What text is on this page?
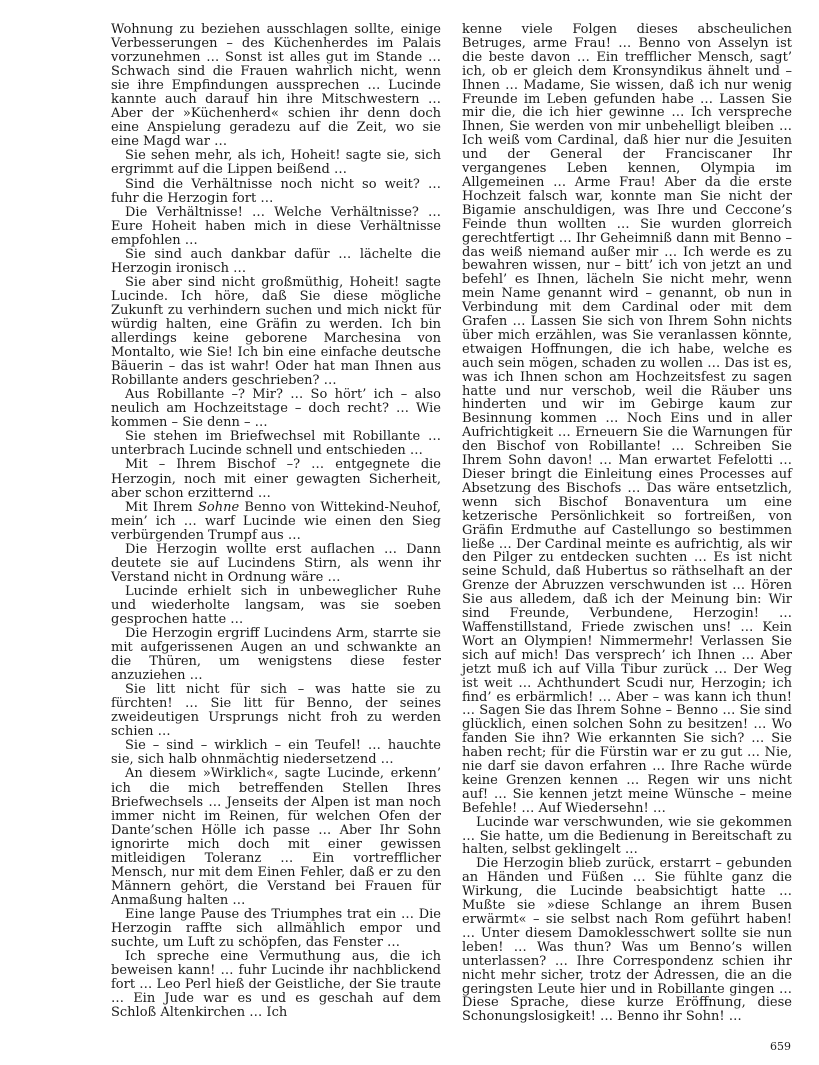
Wohnung zu beziehen ausschlagen sollte, einige Verbesserungen – des Küchenherdes im Palais vorzunehmen … Sonst ist alles gut im Stande … Schwach sind die Frauen wahrlich nicht, wenn sie ihre Empfindungen aussprechen … Lucinde kannte auch darauf hin ihre Mitschwestern … Aber der »Küchenherd« schien ihr denn doch eine Anspielung geradezu auf die Zeit, wo sie eine Magd war …

Sie sehen mehr, als ich, Hoheit! sagte sie, sich ergrimmt auf die Lippen beißend …

Sind die Verhältnisse noch nicht so weit? … fuhr die Herzogin fort …

Die Verhältnisse! … Welche Verhältnisse? … Eure Hoheit haben mich in diese Verhältnisse empfohlen …

Sie sind auch dankbar dafür … lächelte die Herzogin ironisch …

Sie aber sind nicht großmüthig, Hoheit! sagte Lucinde. Ich höre, daß Sie diese mögliche Zukunft zu verhindern suchen und mich nickt für würdig halten, eine Gräfin zu werden. Ich bin allerdings keine geborene Marchesina von Montalto, wie Sie! Ich bin eine einfache deutsche Bäuerin – das ist wahr! Oder hat man Ihnen aus Robillante anders geschrieben? …

Aus Robillante –? Mir? … So hört’ ich – also neulich am Hochzeitstage – doch recht? … Wie kommen – Sie denn – …

Sie stehen im Briefwechsel mit Robillante … unterbrach Lucinde schnell und entschieden …

Mit – Ihrem Bischof –? … entgegnete die Herzogin, noch mit einer gewagten Sicherheit, aber schon erzitternd …

Mit Ihrem Sohne Benno von Wittekind-Neuhof, mein’ ich … warf Lucinde wie einen den Sieg verbürgenden Trumpf aus …

Die Herzogin wollte erst auflachen … Dann deutete sie auf Lucindens Stirn, als wenn ihr Verstand nicht in Ordnung wäre …

Lucinde erhielt sich in unbeweglicher Ruhe und wiederholte langsam, was sie soeben gesprochen hatte …

Die Herzogin ergriff Lucindens Arm, starrte sie mit aufgerissenen Augen an und schwankte an die Thüren, um wenigstens diese fester anzuziehen …

Sie litt nicht für sich – was hatte sie zu fürchten! … Sie litt für Benno, der seines zweideutigen Ursprungs nicht froh zu werden schien …

Sie – sind – wirklich – ein Teufel! … hauchte sie, sich halb ohnmächtig niedersetzend …

An diesem »Wirklich«, sagte Lucinde, erkenn’ ich die mich betreffenden Stellen Ihres Briefwechsels … Jenseits der Alpen ist man noch immer nicht im Reinen, für welchen Ofen der Dante’schen Hölle ich passe … Aber Ihr Sohn ignorirte mich doch mit einer gewissen mitleidigen Toleranz … Ein vortrefflicher Mensch, nur mit dem Einen Fehler, daß er zu den Männern gehört, die Verstand bei Frauen für Anmaßung halten …

Eine lange Pause des Triumphes trat ein … Die Herzogin raffte sich allmählich empor und suchte, um Luft zu schöpfen, das Fenster …

Ich spreche eine Vermuthung aus, die ich beweisen kann! … fuhr Lucinde ihr nachblickend fort … Leo Perl hieß der Geistliche, der Sie traute … Ein Jude war es und es geschah auf dem Schloß Altenkirchen … Ich

kenne viele Folgen dieses abscheulichen Betruges, arme Frau! … Benno von Asselyn ist die beste davon … Ein trefflicher Mensch, sagt’ ich, ob er gleich dem Kronsyndikus ähnelt und – Ihnen … Madame, Sie wissen, daß ich nur wenig Freunde im Leben gefunden habe … Lassen Sie mir die, die ich hier gewinne … Ich verspreche Ihnen, Sie werden von mir unbehelligt bleiben … Ich weiß vom Cardinal, daß hier nur die Jesuiten und der General der Franciscaner Ihr vergangenes Leben kennen, Olympia im Allgemeinen … Arme Frau! Aber da die erste Hochzeit falsch war, konnte man Sie nicht der Bigamie anschuldigen, was Ihre und Ceccone’s Feinde thun wollten … Sie wurden glorreich gerechtfertigt … Ihr Geheimniß dann mit Benno – das weiß niemand außer mir … Ich werde es zu bewahren wissen, nur – bitt’ ich von jetzt an und befehl’ es Ihnen, lächeln Sie nicht mehr, wenn mein Name genannt wird – genannt, ob nun in Verbindung mit dem Cardinal oder mit dem Grafen … Lassen Sie sich von Ihrem Sohn nichts über mich erzählen, was Sie veranlassen könnte, etwaigen Hoffnungen, die ich habe, welche es auch sein mögen, schaden zu wollen … Das ist es, was ich Ihnen schon am Hochzeitsfest zu sagen hatte und nur verschob, weil die Räuber uns hinderten und wir im Gebirge kaum zur Besinnung kommen … Noch Eins und in aller Aufrichtigkeit … Erneuern Sie die Warnungen für den Bischof von Robillante! … Schreiben Sie Ihrem Sohn davon! … Man erwartet Fefelotti … Dieser bringt die Einleitung eines Processes auf Absetzung des Bischofs … Das wäre entsetzlich, wenn sich Bischof Bonaventura um eine ketzerische Persönlichkeit so fortreißen, von Gräfin Erdmuthe auf Castellungo so bestimmen ließe … Der Cardinal meinte es aufrichtig, als wir den Pilger zu entdecken suchten … Es ist nicht seine Schuld, daß Hubertus so räthselhaft an der Grenze der Abruzzen verschwunden ist … Hören Sie aus alledem, daß ich der Meinung bin: Wir sind Freunde, Verbundene, Herzogin! … Waffenstillstand, Friede zwischen uns! … Kein Wort an Olympien! Nimmermehr! Verlassen Sie sich auf mich! Das versprech’ ich Ihnen … Aber jetzt muß ich auf Villa Tibur zurück … Der Weg ist weit … Achthundert Scudi nur, Herzogin; ich find’ es erbärmlich! … Aber – was kann ich thun! … Sagen Sie das Ihrem Sohne – Benno … Sie sind glücklich, einen solchen Sohn zu besitzen! … Wo fanden Sie ihn? Wie erkannten Sie sich? … Sie haben recht; für die Fürstin war er zu gut … Nie, nie darf sie davon erfahren … Ihre Rache würde keine Grenzen kennen … Regen wir uns nicht auf! … Sie kennen jetzt meine Wünsche – meine Befehle! … Auf Wiedersehn! …

Lucinde war verschwunden, wie sie gekommen … Sie hatte, um die Bedienung in Bereitschaft zu halten, selbst geklingelt …

Die Herzogin blieb zurück, erstarrt – gebunden an Händen und Füßen … Sie fühlte ganz die Wirkung, die Lucinde beabsichtigt hatte … Mußte sie »diese Schlange an ihrem Busen erwärmt« – sie selbst nach Rom geführt haben! … Unter diesem Damoklesschwert sollte sie nun leben! … Was thun? Was um Benno’s willen unterlassen? … Ihre Correspondenz schien ihr nicht mehr sicher, trotz der Adressen, die an die geringsten Leute hier und in Robillante gingen … Diese Sprache, diese kurze Eröffnung, diese Schonungslosigkeit! … Benno ihr Sohn! …

659
